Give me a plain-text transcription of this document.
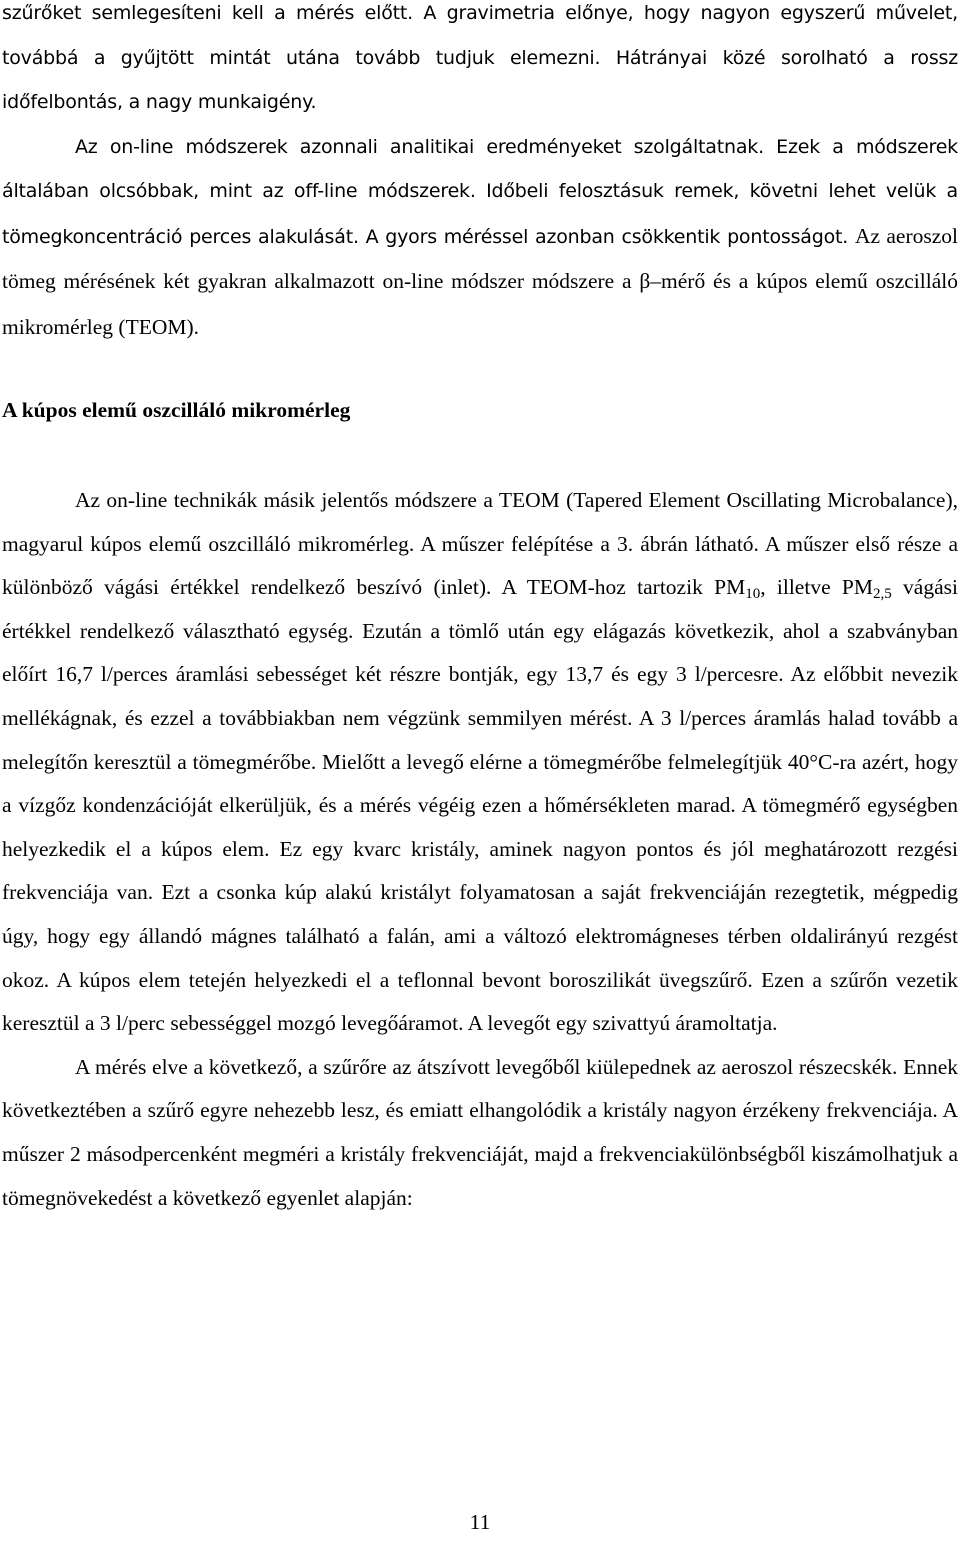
szűrőket semlegesíteni kell a mérés előtt. A gravimetria előnye, hogy nagyon egyszerű művelet, továbbá a gyűjtött mintát utána tovább tudjuk elemezni. Hátrányai közé sorolható a rossz időfelbontás, a nagy munkaigény.

Az on-line módszerek azonnali analitikai eredményeket szolgáltatnak. Ezek a módszerek általában olcsóbbak, mint az off-line módszerek. Időbeli felosztásuk remek, követni lehet velük a tömegkoncentráció perces alakulását. A gyors méréssel azonban csökkentik pontosságot. Az aeroszol tömeg mérésének két gyakran alkalmazott on-line módszer módszere a β–mérő és a kúpos elemű oszcilláló mikromérleg (TEOM).

A kúpos elemű oszcilláló mikromérleg

Az on-line technikák másik jelentős módszere a TEOM (Tapered Element Oscillating Microbalance), magyarul kúpos elemű oszcilláló mikromérleg. A műszer felépítése a 3. ábrán látható. A műszer első része a különböző vágási értékkel rendelkező beszívó (inlet). A TEOM-hoz tartozik $PM_{10}$, illetve $PM_{2,5}$ vágási értékkel rendelkező választható egység. Ezután a tömlő után egy elágazás következik, ahol a szabványban előírt 16,7 l/perces áramlási sebességet két részre bontják, egy 13,7 és egy 3 l/percesre. Az előbbit nevezik mellékágnak, és ezzel a továbbiakban nem végzünk semmilyen mérést. A 3 l/perces áramlás halad tovább a melegítőn keresztül a tömegmérőbe. Mielőtt a levegő elérne a tömegmérőbe felmelegítjük 40°C-ra azért, hogy a vízgőz kondenzációját elkerüljük, és a mérés végéig ezen a hőmérsékleten marad. A tömegmérő egységben helyezkedik el a kúpos elem. Ez egy kvarc kristály, aminek nagyon pontos és jól meghatározott rezgési frekvenciája van. Ezt a csonka kúp alakú kristályt folyamatosan a saját frekvenciáján rezegtetik, mégpedig úgy, hogy egy állandó mágnes található a falán, ami a változó elektromágneses térben oldalirányú rezgést okoz. A kúpos elem tetején helyezkedi el a teflonnal bevont boroszilikát üvegszűrő. Ezen a szűrőn vezetik keresztül a 3 l/perc sebességgel mozgó levegőáramot. A levegőt egy szivattyú áramoltatja.

A mérés elve a következő, a szűrőre az átszívott levegőből kiülepednek az aeroszol részecskék. Ennek következtében a szűrő egyre nehezebb lesz, és emiatt elhangolódik a kristály nagyon érzékeny frekvenciája. A műszer 2 másodpercenként megméri a kristály frekvenciáját, majd a frekvenciakülönbségből kiszámolhatjuk a tömegnövekedést a következő egyenlet alapján:

11
